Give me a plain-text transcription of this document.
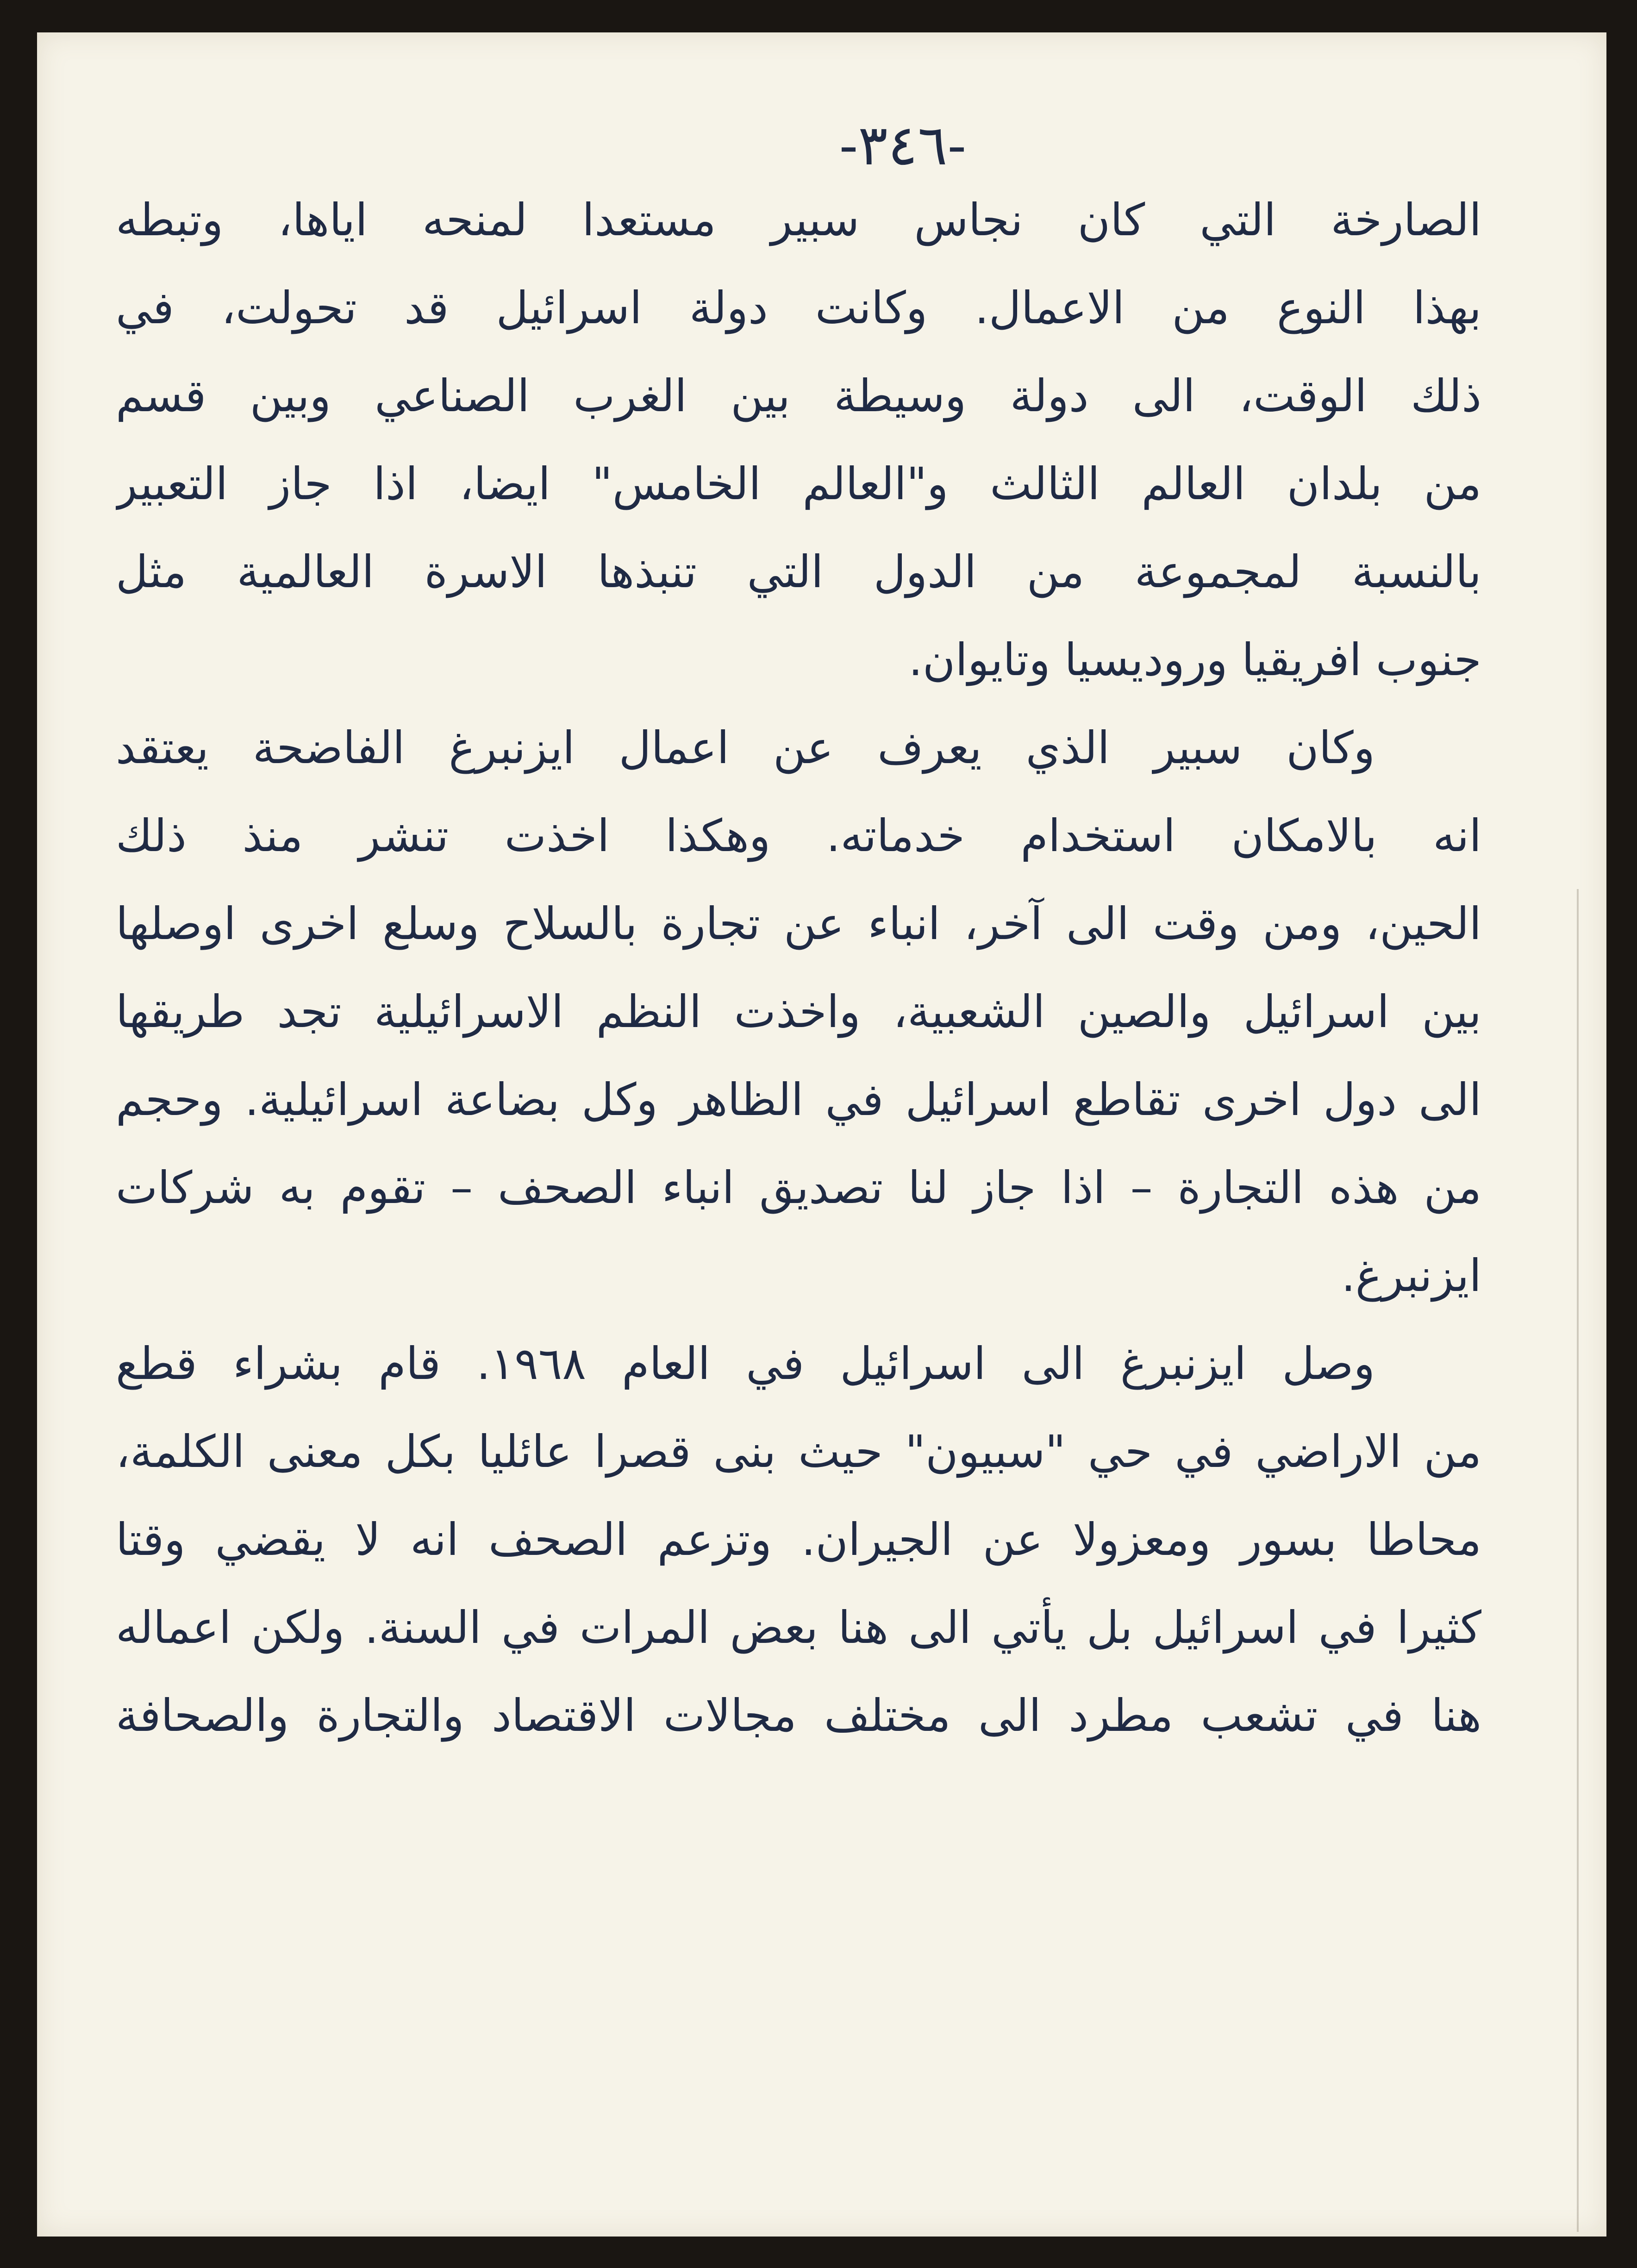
-٣٤٦-
الصارخة التي كان نجاس سبير مستعدا لمنحه اياها، وتبطه
بهذا النوع من الاعمال. وكانت دولة اسرائيل قد تحولت، في
ذلك الوقت، الى دولة وسيطة بين الغرب الصناعي وبين قسم
من بلدان العالم الثالث و"العالم الخامس" ايضا، اذا جاز التعبير
بالنسبة لمجموعة من الدول التي تنبذها الاسرة العالمية مثل
جنوب افريقيا وروديسيا وتايوان.
وكان سبير الذي يعرف عن اعمال ايزنبرغ الفاضحة يعتقد
انه بالامكان استخدام خدماته. وهكذا اخذت تنشر منذ ذلك
الحين، ومن وقت الى آخر، انباء عن تجارة بالسلاح وسلع اخرى اوصلها
بين اسرائيل والصين الشعبية، واخذت النظم الاسرائيلية تجد طريقها
الى دول اخرى تقاطع اسرائيل في الظاهر وكل بضاعة اسرائيلية. وحجم
من هذه التجارة – اذا جاز لنا تصديق انباء الصحف – تقوم به شركات
ايزنبرغ.
وصل ايزنبرغ الى اسرائيل في العام ١٩٦٨. قام بشراء قطع
من الاراضي في حي "سبيون" حيث بنى قصرا عائليا بكل معنى الكلمة،
محاطا بسور ومعزولا عن الجيران. وتزعم الصحف انه لا يقضي وقتا
كثيرا في اسرائيل بل يأتي الى هنا بعض المرات في السنة. ولكن اعماله
هنا في تشعب مطرد الى مختلف مجالات الاقتصاد والتجارة والصحافة
